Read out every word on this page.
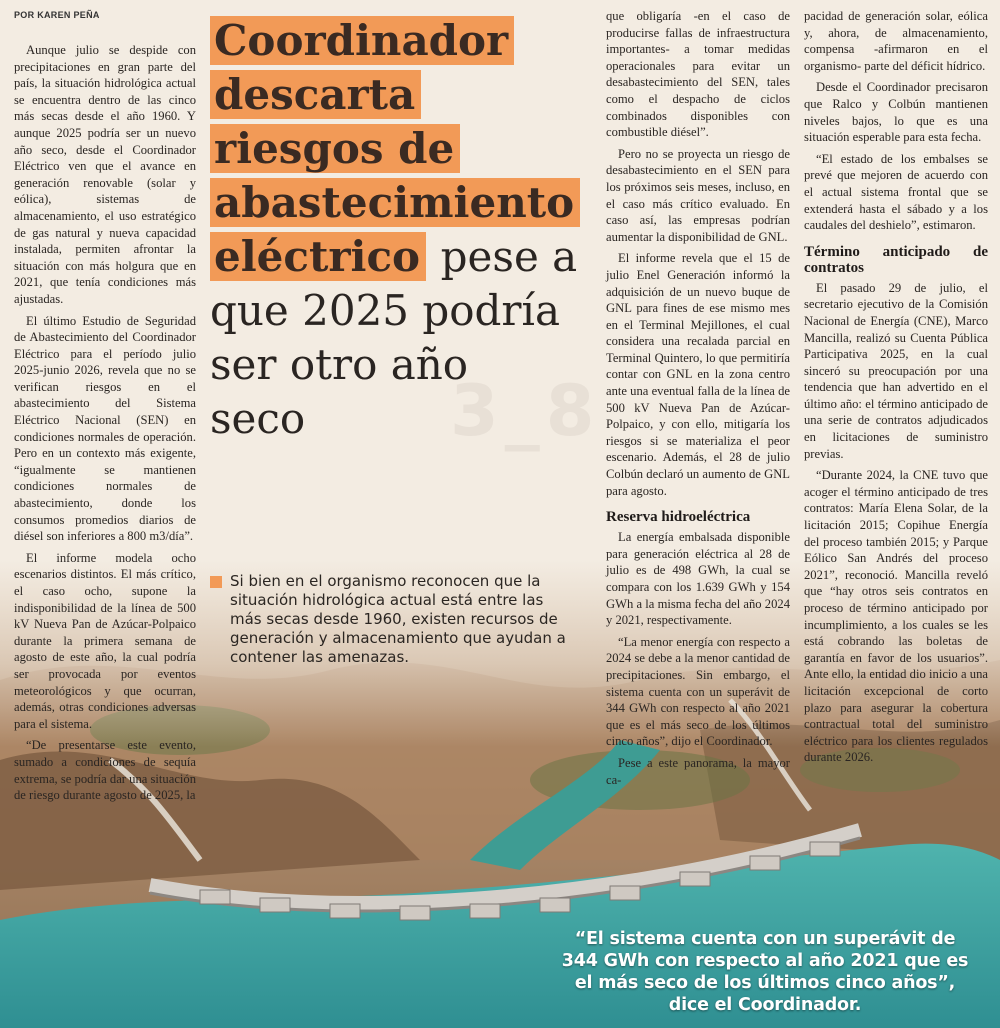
3_8
POR KAREN PEÑA

Aunque julio se despide con precipitaciones en gran parte del país, la situación hidrológica actual se encuentra dentro de las cinco más secas desde el año 1960. Y aunque 2025 podría ser un nuevo año seco, desde el Coordinador Eléctrico ven que el avance en generación renovable (solar y eólica), sistemas de almacenamiento, el uso estratégico de gas natural y nueva capacidad instalada, permiten afrontar la situación con más holgura que en 2021, que tenía condiciones más ajustadas.

El último Estudio de Seguridad de Abastecimiento del Coordinador Eléctrico para el período julio 2025-junio 2026, revela que no se verifican riesgos en el abastecimiento del Sistema Eléctrico Nacional (SEN) en condiciones normales de operación. Pero en un contexto más exigente, “igualmente se mantienen condiciones normales de abastecimiento, donde los consumos promedios diarios de diésel son inferiores a 800 m3/día”.

El informe modela ocho escenarios distintos. El más crítico, el caso ocho, supone la indisponibilidad de la línea de 500 kV Nueva Pan de Azúcar-Polpaico durante la primera semana de agosto de este año, la cual podría ser provocada por eventos meteorológicos y que ocurran, además, otras condiciones adversas para el sistema.

“De presentarse este evento, sumado a condiciones de sequía extrema, se podría dar una situación de riesgo durante agosto de 2025, la

Coordinador
descarta
riesgos de
abastecimiento
eléctrico pese a
que 2025 podría
ser otro año
seco

que obligaría -en el caso de producirse fallas de infraestructura importantes- a tomar medidas operacionales para evitar un desabastecimiento del SEN, tales como el despacho de ciclos combinados disponibles con combustible diésel”.

Pero no se proyecta un riesgo de desabastecimiento en el SEN para los próximos seis meses, incluso, en el caso más crítico evaluado. En caso así, las empresas podrían aumentar la disponibilidad de GNL.

El informe revela que el 15 de julio Enel Generación informó la adquisición de un nuevo buque de GNL para fines de ese mismo mes en el Terminal Mejillones, el cual considera una recalada parcial en Terminal Quintero, lo que permitiría contar con GNL en la zona centro ante una eventual falla de la línea de 500 kV Nueva Pan de Azúcar-Polpaico, y con ello, mitigaría los riesgos si se materializa el peor escenario. Además, el 28 de julio Colbún declaró un aumento de GNL para agosto.

Reserva hidroeléctrica

La energía embalsada disponible para generación eléctrica al 28 de julio es de 498 GWh, la cual se compara con los 1.639 GWh y 154 GWh a la misma fecha del año 2024 y 2021, respectivamente.

“La menor energía con respecto a 2024 se debe a la menor cantidad de precipitaciones. Sin embargo, el sistema cuenta con un superávit de 344 GWh con respecto al año 2021 que es el más seco de los últimos cinco años”, dijo el Coordinador.

Pese a este panorama, la mayor ca-

pacidad de generación solar, eólica y, ahora, de almacenamiento, compensa -afirmaron en el organismo- parte del déficit hídrico.

Desde el Coordinador precisaron que Ralco y Colbún mantienen niveles bajos, lo que es una situación esperable para esta fecha.

“El estado de los embalses se prevé que mejoren de acuerdo con el actual sistema frontal que se extenderá hasta el sábado y a los caudales del deshielo”, estimaron.

Término anticipado de contratos

El pasado 29 de julio, el secretario ejecutivo de la Comisión Nacional de Energía (CNE), Marco Mancilla, realizó su Cuenta Pública Participativa 2025, en la cual sinceró su preocupación por una tendencia que han advertido en el último año: el término anticipado de una serie de contratos adjudicados en licitaciones de suministro previas.

“Durante 2024, la CNE tuvo que acoger el término anticipado de tres contratos: María Elena Solar, de la licitación 2015; Copihue Energía del proceso también 2015; y Parque Eólico San Andrés del proceso 2021”, reconoció. Mancilla reveló que “hay otros seis contratos en proceso de término anticipado por incumplimiento, a los cuales se les está cobrando las boletas de garantía en favor de los usuarios”. Ante ello, la entidad dio inicio a una licitación excepcional de corto plazo para asegurar la cobertura contractual total del suministro eléctrico para los clientes regulados durante 2026.

Si bien en el organismo reconocen que la situación hidrológica actual está entre las más secas desde 1960, existen recursos de generación y almacenamiento que ayudan a contener las amenazas.
“El sistema cuenta con un superávit de 344 GWh con respecto al año 2021 que es el más seco de los últimos cinco años”, dice el Coordinador.
